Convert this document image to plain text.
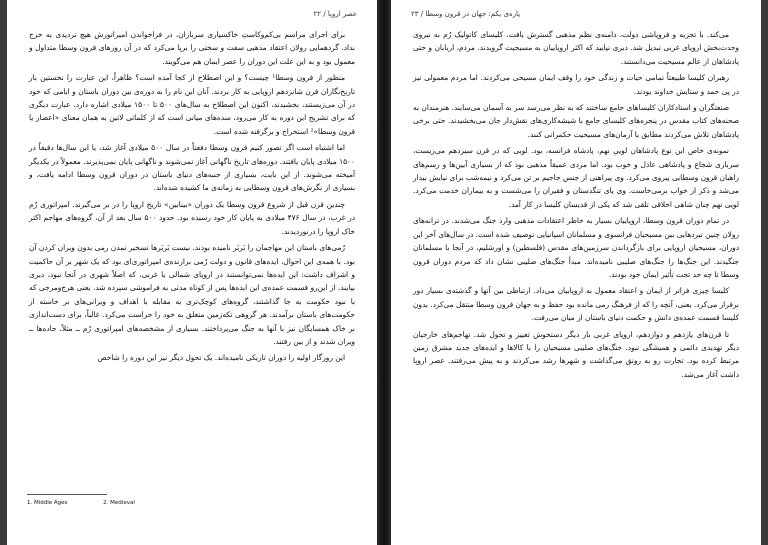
۲۲ / عصر اروپا

برای اجرای مراسم بی‌کم‌وکاستِ خاکسپاری سربازان، در فراخواندن امپراتورش هیچ تردیدی به خرج نداد. گردهمایی رولان اعتقاد مذهبی سفت و سختی را برپا می‌کرد که در آن روزهای قرون وسطا متداول و معمول بود و به این علت این دوران را عصر ایمان هم می‌گویند.

منظور از قرون وسطا¹ چیست؟ و این اصطلاح از کجا آمده است؟ ظاهراً، این عبارت را نخستین بار تاریخ‌نگاران قرن شانزدهم اروپایی به کار بردند. آنان این نام را به دوره‌ی بین دوران باستان و ایامی که خود در آن می‌زیستند، بخشیدند، اکنون این اصطلاح به سال‌های ۵۰۰ تا ۱۵۰۰ میلادی اشاره دارد. عبارت دیگری که برای تشریح این دوره به کار می‌رود، سده‌های میانی است که از کلماتی لاتین به همان معنای «اعصار یا قرون وسطا»² استخراج و برگرفته شده است.

اما اشتباه است اگر تصور کنیم قرون وسطا دفعتاً در سال ۵۰۰ میلادی آغاز شد، یا این سال‌ها دقیقاً در ۱۵۰۰ میلادی پایان یافتند. دوره‌های تاریخ ناگهانی آغاز نمی‌شوند و ناگهانی پایان نمی‌پذیرند. معمولاً در یکدیگر آمیخته می‌شوند. از این بابت، بسیاری از جنبه‌های دنیای باستان در دوران قرون وسطا ادامه یافت، و بسیاری از نگرش‌های قرون وسطایی به زمانه‌ی ما کشیده شده‌اند.

چندین قرن قبل از شروع قرون وسطا یک دوران «بینابین» تاریخ اروپا را در بر می‌گیرند. امپراتوری رُم در غرب، در سال ۴۷۶ میلادی به پایان کار خود رسیده بود. حدود ۵۰۰ سال بعد از آن، گروه‌های مهاجم اکثر خاک اروپا را درنوردیدند.

رُمی‌های باستان این مهاجمان را بَربَر نامیده بودند. نیست بَربَرها تسخیر تمدن رمی بدون ویران کردن آن بود. با همه‌ی این احوال، ایده‌های قانون و دولت رُمی برازنده‌ی امپراتوری‌ای بود که یک شهر بر آن حاکمیت و اشراف داشت: این ایده‌ها نمی‌توانستند در اروپای شمالی یا غربی، که اصلاً شهری در آنجا نبود، دیری بپایند. از این‌رو قسمت عمده‌ی این ایده‌ها پس از کوتاه مدتی به فراموشی سپرده شد. یعنی هرج‌ومرجی که با نبود حکومت به جا گذاشتند، گروه‌های کوچک‌تری به مقابله با اهداف و ویرانی‌های بر خاسته از حکومت‌های باستان برآمدند. هر گروهی تکه‌زمین متعلق به خود را حراست می‌کرد. غالباً، برای دست‌اندازی بر خاک همسایگان نیز با آنها به جنگ می‌پرداختند. بسیاری از مشخصه‌های امپراتوری رُم ــ مثلاً، جاده‌ها ــ ویران شدند و از بین رفتند.

این روزگار اولیه را دوران تاریکی نامیده‌اند. یک تحول دیگر نیز این دوره را شاخص

1. Middle Ages	2. Medieval
پاره‌ی یکم: جهان در قرون وسطا / ۲۳

می‌کند. با تجزیه و فروپاشی دولت، دامنه‌ی نظم مذهبی گسترش یافت. کلیسای کاتولیک رُم به نیروی وحدت‌بخش اروپای غربی تبدیل شد. دیری نپایید که اکثر اروپاییان به مسیحیت گرویدند. مردم، اربابان و حتی پادشاهان از عالم مسیحیت می‌دانستند.

رهبران کلیسا طبیعتاً تمامی حیات و زندگی خود را وقف ایمان مسیحی می‌کردند. اما مردم معمولی نیز در پی حمد و ستایش خداوند بودند.

صنعتگران و استادکاران کلیساهای جامع ساختند که به نظر می‌رسد سر به آسمان می‌سایند. هنرمندان به صحنه‌های کتاب مقدس در پنجره‌های کلیسای جامع با شیشه‌کاری‌های نقش‌دار جان می‌بخشیدند. حتی برخی پادشاهان تلاش می‌کردند مطابق با آرمان‌های مسیحیت حکمرانی کنند.

نمونه‌ی خاص این نوع پادشاهان لوییِ نهم، پادشاه فرانسه، بود. لویی که در قرن سیزدهم می‌زیست، سربازی شجاع و پادشاهی عادل و خوب بود. اما مردی عمیقاً مذهبی بود که از بسیاری آیین‌ها و رسم‌های راهبان قرون وسطایی پیروی می‌کرد. وی پیراهنی از جنس جاجیم بر تن می‌کرد و نیمه‌شب برای نیایش بیدار می‌شد و ذکر از خواب برمی‌خاست. وی پای تنگدستان و فقیران را می‌شست و به بیماران خدمت می‌کرد. لویی نهم چنان شاهی اخلاقی تلقی شد که یکی از قدیسان کلیسا در کار آمد.

در تمام دوران قرون وسطا، اروپاییان بسیار به خاطر اعتقادات مذهبی وارد جنگ می‌شدند. در ترانه‌های رولان چنین تبردهایی بین مسیحیان فرانسوی و مسلمانان اسپانیایی توصیف شده است. در سال‌های آخر این دوران، مسیحیان اروپایی برای بازگرداندن سرزمین‌های مقدس (فلسطین) و اورشلیم، در آنجا با مسلمانان جنگیدند. این جنگ‌ها را جنگ‌های صلیبی نامیده‌اند. مبدأ جنگ‌های صلیبی نشان داد که مردم دوران قرون وسطا تا چه حد تحت تأثیر ایمان خود بودند.

کلیسا چیزی فراتر از ایمان و اعتقاد معمول به اروپاییان می‌داد. ارتباطی بین آنها و گذشته‌ی بسیار دور برقرار می‌کرد. یعنی، آنچه را که از فرهنگ رمی مانده بود حفظ و به جهان قرون وسطا منتقل می‌کرد. بدون کلیسا قسمت عمده‌ی دانش و حکمت دنیای باستان از میان می‌رفت.

تا قرن‌های یازدهم و دوازدهم، اروپای غربی بار دیگر دستخوش تغییر و تحول شد. تهاجم‌های خارجیان دیگر تهدیدی دائمی و همیشگی نبود. جنگ‌های صلیبی مسیحیان را با کالاها و ایده‌های جدید مشرق زمین مرتبط کرده بود. تجارت رو به رونق می‌گذاشت و شهرها رشد می‌کردند و به پیش می‌رفتند. عصر اروپا داشت آغاز می‌شد.
